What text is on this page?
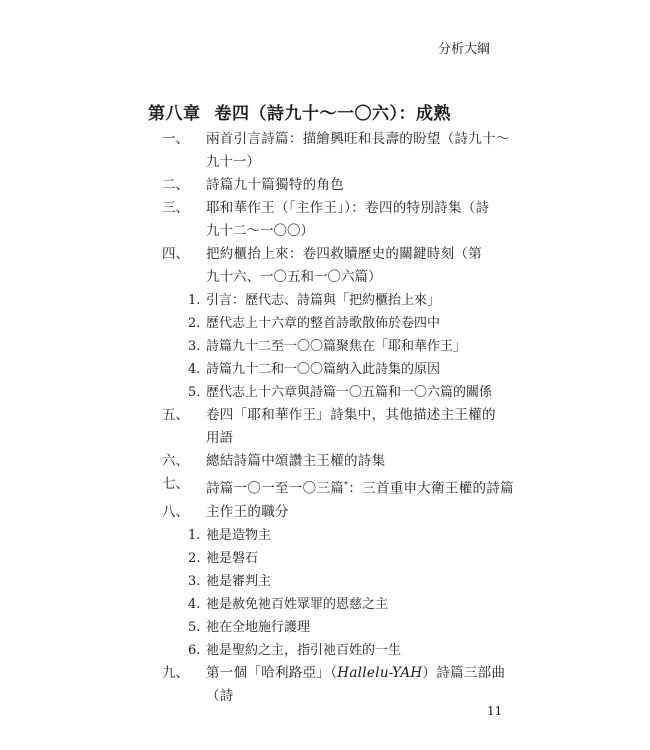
分析大綱
第八章 卷四（詩九十～一〇六）：成熟
一、	兩首引言詩篇：描繪興旺和長壽的盼望（詩九十～
九十一）
二、	詩篇九十篇獨特的角色
三、	耶和華作王（「主作王」）：卷四的特別詩集（詩
九十二～一〇〇）
四、	把約櫃抬上來：卷四救贖歷史的關鍵時刻（第
九十六、一〇五和一〇六篇）
1. 引言：歷代志、詩篇與「把約櫃抬上來」
2. 歷代志上十六章的整首詩歌散佈於卷四中
3. 詩篇九十二至一〇〇篇聚焦在「耶和華作王」
4. 詩篇九十二和一〇〇篇納入此詩集的原因
5. 歷代志上十六章與詩篇一〇五篇和一〇六篇的關係
五、	卷四「耶和華作王」詩集中，其他描述主王權的
用語
六、	總結詩篇中頌讚主王權的詩集
七、	詩篇一〇一至一〇三篇*：三首重申大衛王權的詩篇
八、	主作王的職分
1. 祂是造物主
2. 祂是磐石
3. 祂是審判主
4. 祂是赦免祂百姓眾罪的恩慈之主
5. 祂在全地施行護理
6. 祂是聖約之主，指引祂百姓的一生
九、	第一個「哈利路亞」（Hallelu-YAH）詩篇三部曲（詩
11
